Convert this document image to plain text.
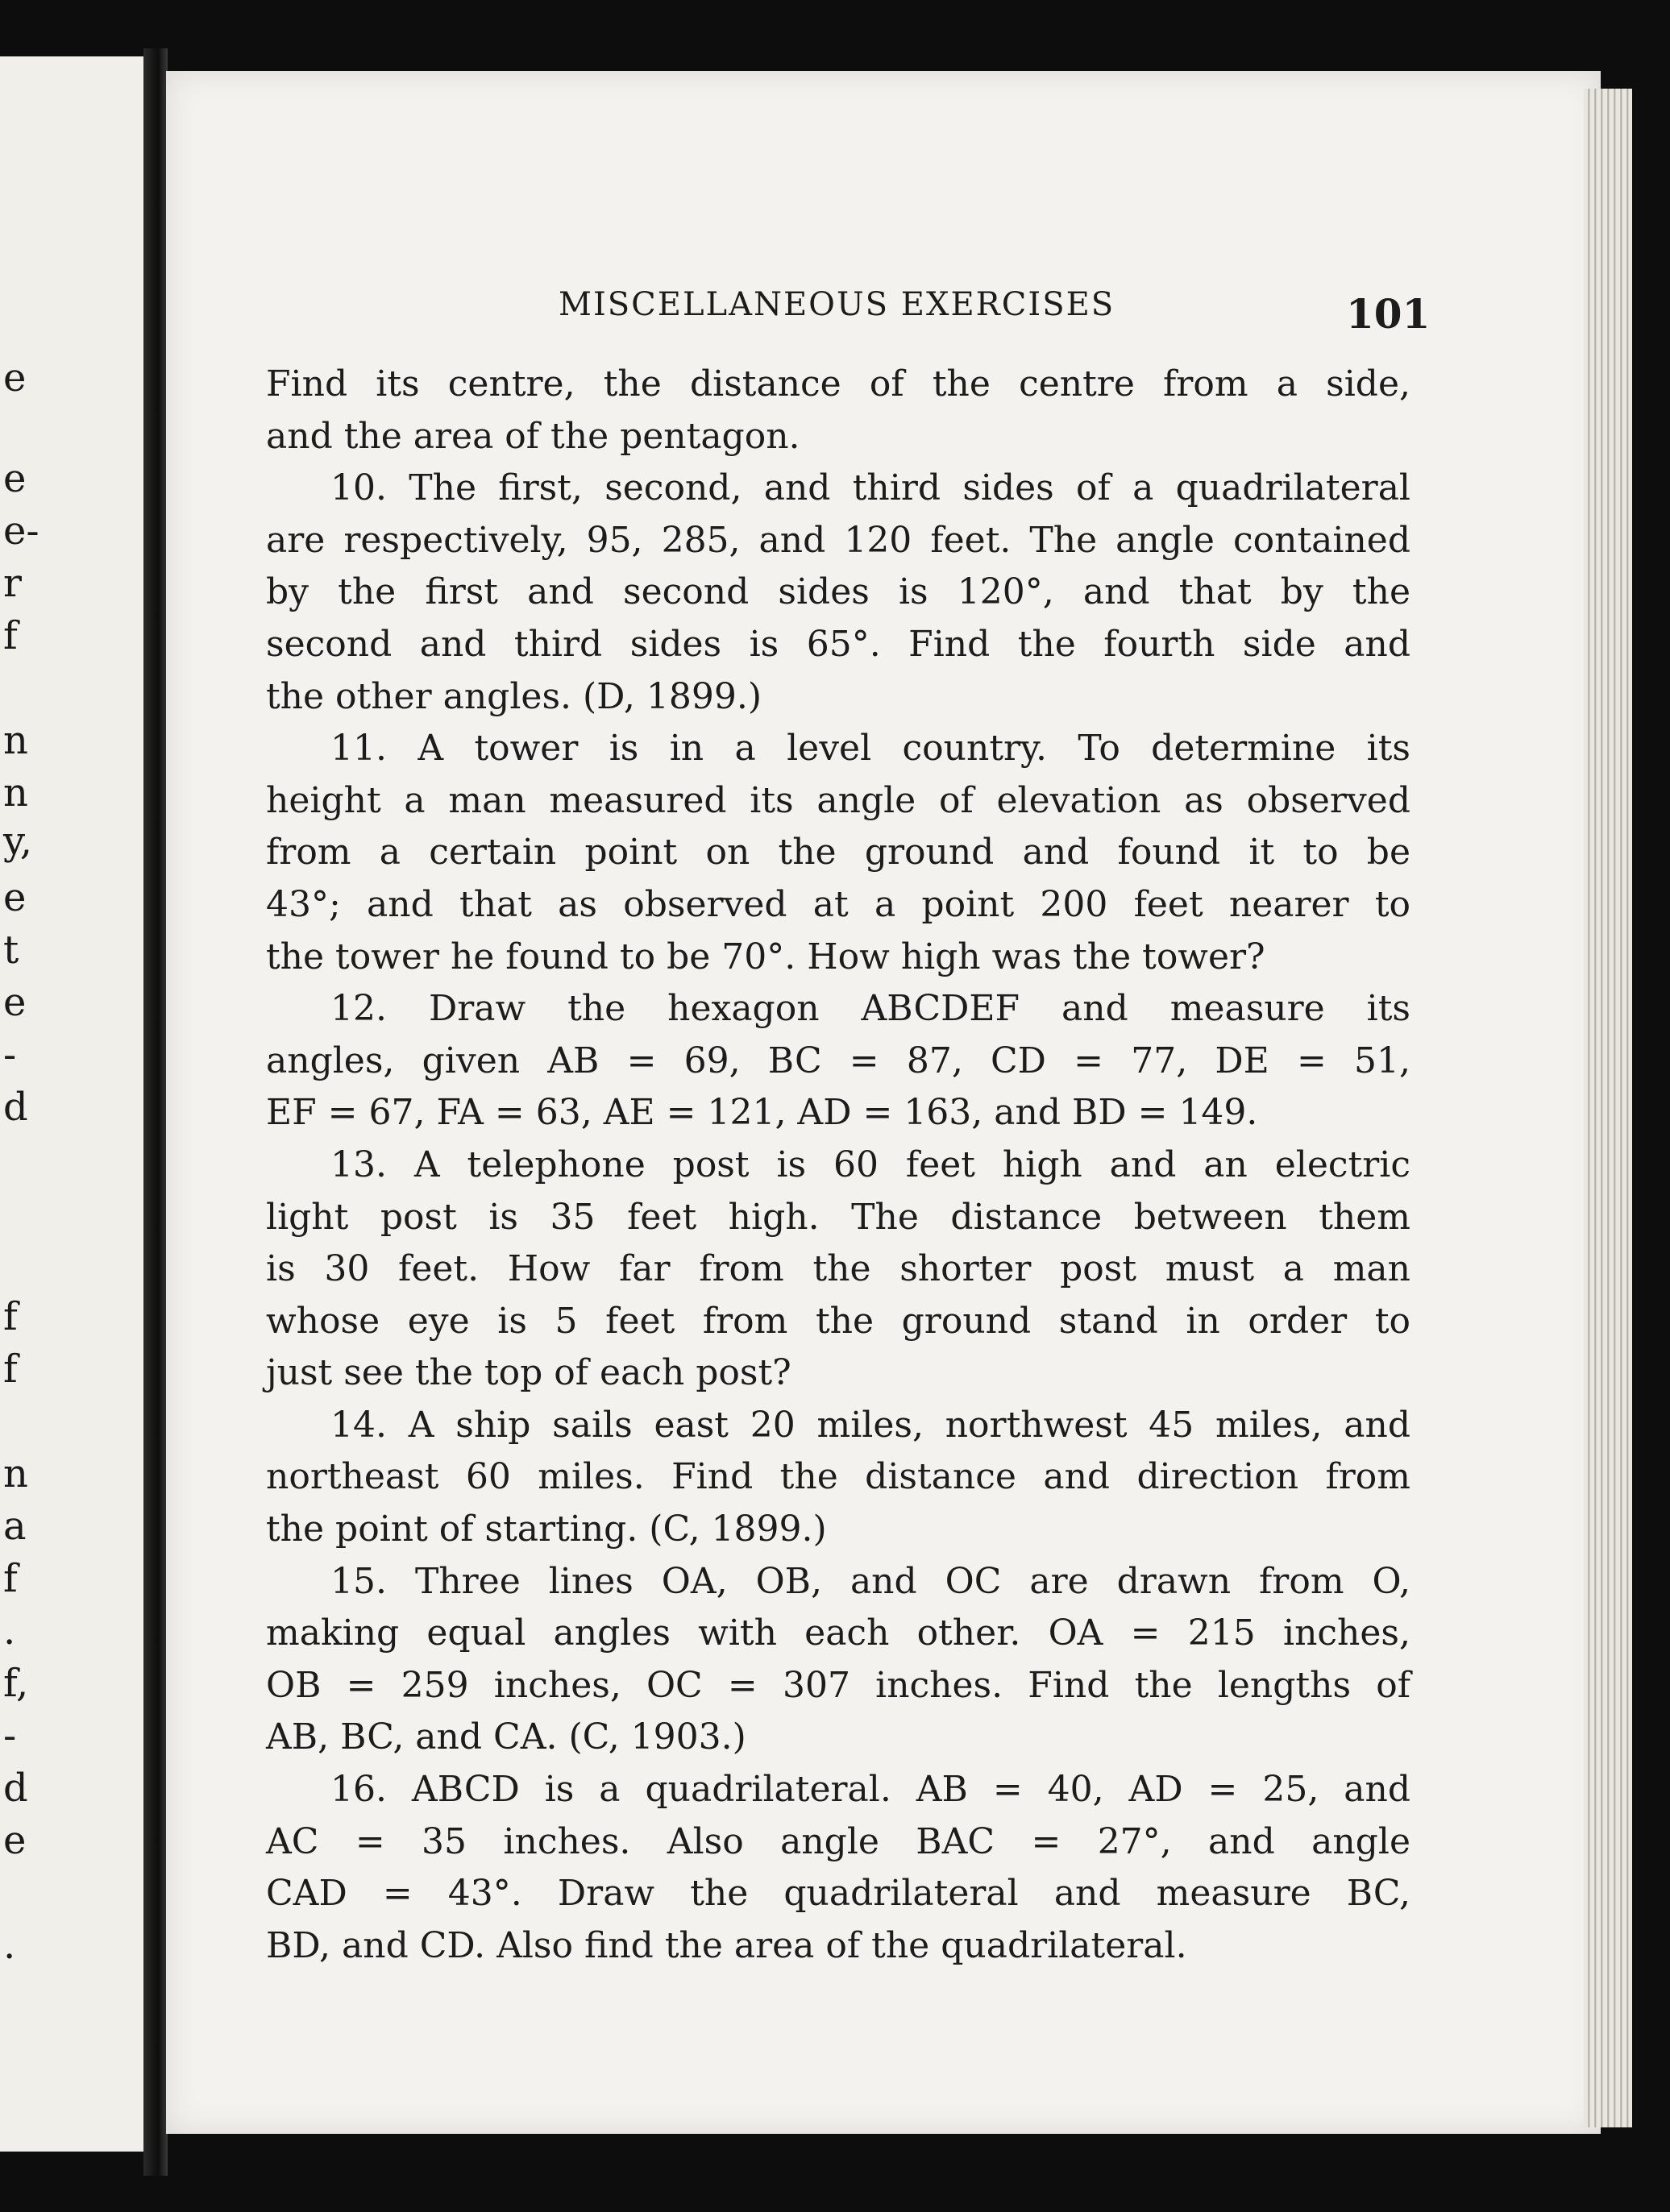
e
e
e-
r
f
n
n
y,
e
t
e
-
d
f
f
n
a
f
.
f,
-
d
e
.
MISCELLANEOUS EXERCISES	101
Find its centre, the distance of the centre from a side,
and the area of the pentagon.
10. The first, second, and third sides of a quadrilateral
are respectively, 95, 285, and 120 feet. The angle contained
by the first and second sides is 120°, and that by the
second and third sides is 65°. Find the fourth side and
the other angles. (D, 1899.)
11. A tower is in a level country. To determine its
height a man measured its angle of elevation as observed
from a certain point on the ground and found it to be
43°; and that as observed at a point 200 feet nearer to
the tower he found to be 70°. How high was the tower?
12. Draw the hexagon ABCDEF and measure its
angles, given AB = 69, BC = 87, CD = 77, DE = 51,
EF = 67, FA = 63, AE = 121, AD = 163, and BD = 149.
13. A telephone post is 60 feet high and an electric
light post is 35 feet high. The distance between them
is 30 feet. How far from the shorter post must a man
whose eye is 5 feet from the ground stand in order to
just see the top of each post?
14. A ship sails east 20 miles, northwest 45 miles, and
northeast 60 miles. Find the distance and direction from
the point of starting. (C, 1899.)
15. Three lines OA, OB, and OC are drawn from O,
making equal angles with each other. OA = 215 inches,
OB = 259 inches, OC = 307 inches. Find the lengths of
AB, BC, and CA. (C, 1903.)
16. ABCD is a quadrilateral. AB = 40, AD = 25, and
AC = 35 inches. Also angle BAC = 27°, and angle
CAD = 43°. Draw the quadrilateral and measure BC,
BD, and CD. Also find the area of the quadrilateral.
